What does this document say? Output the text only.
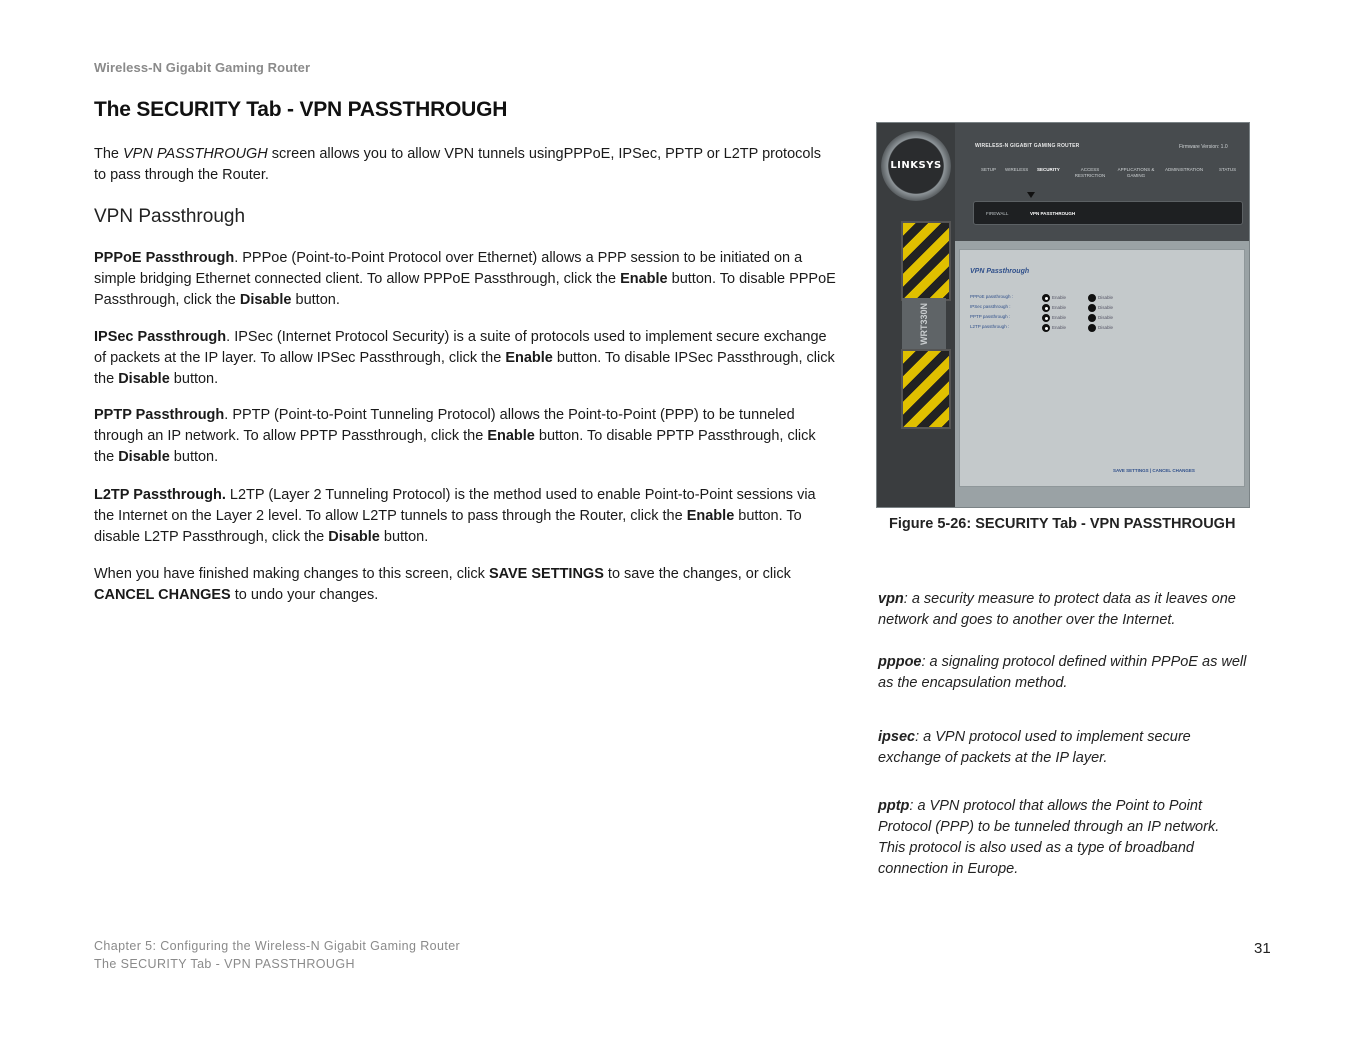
Wireless-N Gigabit Gaming Router
The SECURITY Tab - VPN PASSTHROUGH

The VPN PASSTHROUGH screen allows you to allow VPN tunnels usingPPPoE, IPSec, PPTP or L2TP protocols to pass through the Router.

VPN Passthrough

PPPoE Passthrough. PPPoe (Point-to-Point Protocol over Ethernet) allows a PPP session to be initiated on a simple bridging Ethernet connected client. To allow PPPoE Passthrough, click the Enable button. To disable PPPoE Passthrough, click the Disable button.

IPSec Passthrough. IPSec (Internet Protocol Security) is a suite of protocols used to implement secure exchange of packets at the IP layer. To allow IPSec Passthrough, click the Enable button. To disable IPSec Passthrough, click the Disable button.

PPTP Passthrough. PPTP (Point-to-Point Tunneling Protocol) allows the Point-to-Point (PPP) to be tunneled through an IP network. To allow PPTP Passthrough, click the Enable button. To disable PPTP Passthrough, click the Disable button.

L2TP Passthrough. L2TP (Layer 2 Tunneling Protocol) is the method used to enable Point-to-Point sessions via the Internet on the Layer 2 level. To allow L2TP tunnels to pass through the Router, click the Enable button. To disable L2TP Passthrough, click the Disable button.

When you have finished making changes to this screen, click SAVE SETTINGS to save the changes, or click CANCEL CHANGES to undo your changes.

LINKSYS
WRT330N
WIRELESS-N GIGABIT GAMING ROUTER	Firmware Version: 1.0
SETUP WIRELESS SECURITY	ACCESS RESTRICTION
APPLICATIONS & GAMING
ADMINISTRATION	STATUS
FIREWALL	VPN PASSTHROUGH
VPN Passthrough
PPPoE passthrough :	Enable	Disable
IPSec passthrough :	Enable	Disable
PPTP passthrough :	Enable	Disable
L2TP passthrough :	Enable	Disable
SAVE SETTINGS | CANCEL CHANGES

Figure 5-26: SECURITY Tab - VPN PASSTHROUGH

vpn: a security measure to protect data as it leaves one network and goes to another over the Internet.

pppoe: a signaling protocol defined within PPPoE as well as the encapsulation method.

ipsec: a VPN protocol used to implement secure exchange of packets at the IP layer.

pptp: a VPN protocol that allows the Point to Point Protocol (PPP) to be tunneled through an IP network. This protocol is also used as a type of broadband connection in Europe.

Chapter 5: Configuring the Wireless-N Gigabit Gaming Router
The SECURITY Tab - VPN PASSTHROUGH
31
